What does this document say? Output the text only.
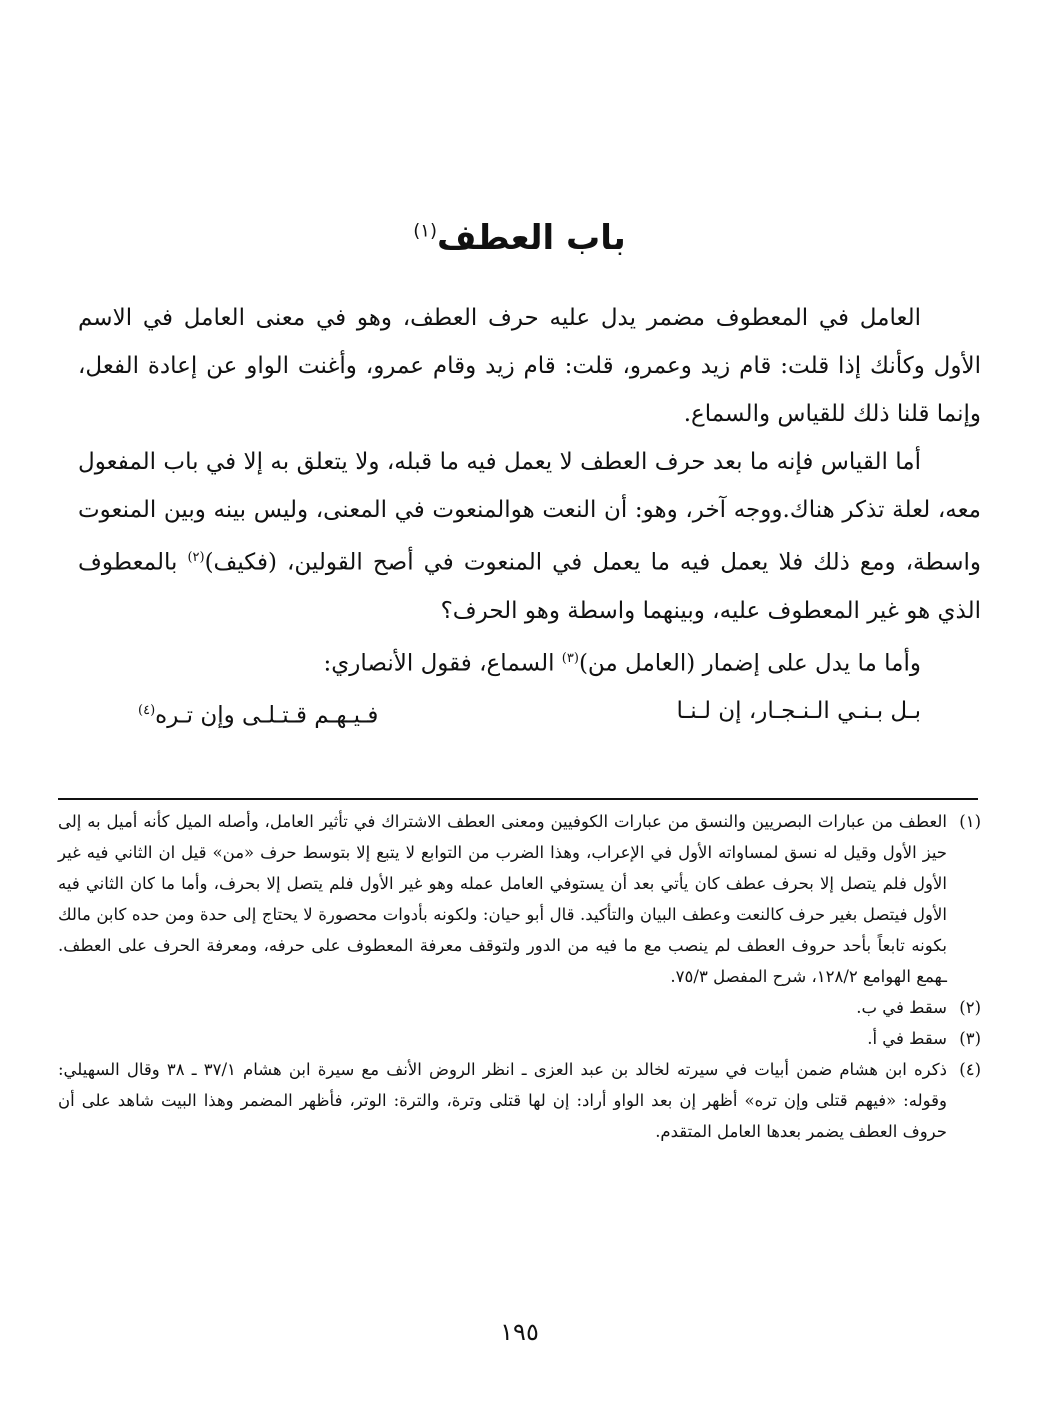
باب العطف$^{(١)}$

العامل في المعطوف مضمر يدل عليه حرف العطف، وهو في معنى العامل في الاسم الأول وكأنك إذا قلت: قام زيد وعمرو، قلت: قام زيد وقام عمرو، وأغنت الواو عن إعادة الفعل، وإنما قلنا ذلك للقياس والسماع.

أما القياس فإنه ما بعد حرف العطف لا يعمل فيه ما قبله، ولا يتعلق به إلا في باب المفعول معه، لعلة تذكر هناك.ووجه آخر، وهو: أن النعت هوالمنعوت في المعنى، وليس بينه وبين المنعوت واسطة، ومع ذلك فلا يعمل فيه ما يعمل في المنعوت في أصح القولين، (فكيف)$^{(٢)}$ بالمعطوف الذي هو غير المعطوف عليه، وبينهما واسطة وهو الحرف؟

وأما ما يدل على إضمار (العامل من)$^{(٣)}$ السماع، فقول الأنصاري:

بـل بـنـي الـنـجـار، إن لـنـا
فـيـهـم قـتـلـى وإن تـره$^{(٤)}$
(١)

العطف من عبارات البصريين والنسق من عبارات الكوفيين ومعنى العطف الاشتراك في تأثير العامل، وأصله الميل كأنه أميل به إلى حيز الأول وقيل له نسق لمساواته الأول في الإعراب، وهذا الضرب من التوابع لا يتبع إلا بتوسط حرف «من» قيل ان الثاني فيه غير الأول فلم يتصل إلا بحرف عطف كان يأتي بعد أن يستوفي العامل عمله وهو غير الأول فلم يتصل إلا بحرف، وأما ما كان الثاني فيه الأول فيتصل بغير حرف كالنعت وعطف البيان والتأكيد. قال أبو حيان: ولكونه بأدوات محصورة لا يحتاج إلى حدة ومن حده كابن مالك بكونه تابعاً بأحد حروف العطف لم ينصب مع ما فيه من الدور ولتوقف معرفة المعطوف على حرفه، ومعرفة الحرف على العطف. ـهمع الهوامع ١٢٨/٢، شرح المفصل ٧٥/٣.

(٢)

سقط في ب.

(٣)

سقط في أ.

(٤)

ذكره ابن هشام ضمن أبيات في سيرته لخالد بن عبد العزى ـ انظر الروض الأنف مع سيرة ابن هشام ٣٧/١ ـ ٣٨ وقال السهيلي: وقوله: «فيهم قتلى وإن تره» أظهر إن بعد الواو أراد: إن لها قتلى وترة، والترة: الوتر، فأظهر المضمر وهذا البيت شاهد على أن حروف العطف يضمر بعدها العامل المتقدم.

١٩٥
